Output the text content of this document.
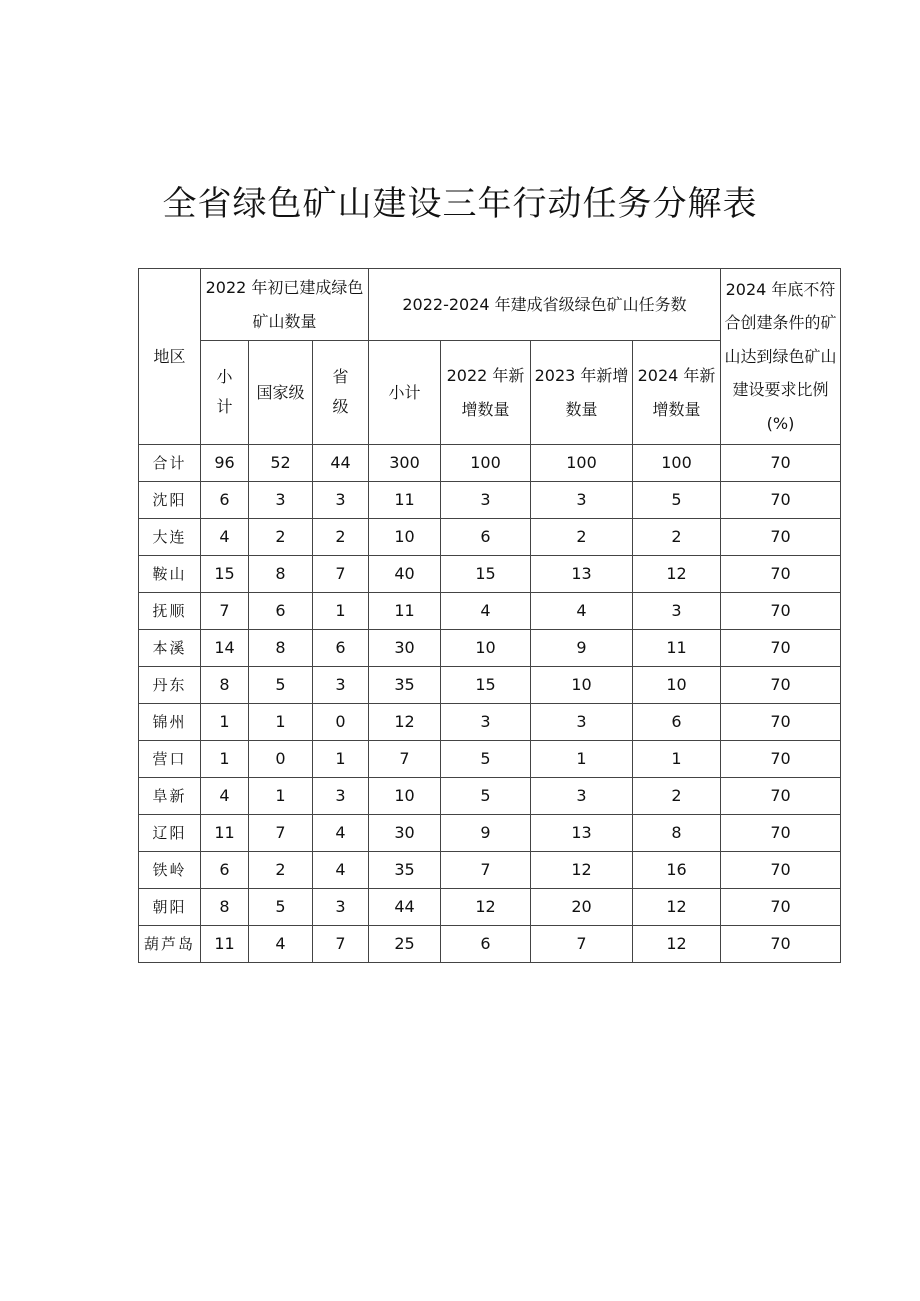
全省绿色矿山建设三年行动任务分解表
地区	2022 年初已建成绿色矿山数量			2022-2024 年建成省级绿色矿山任务数				2024 年底不符合创建条件的矿山达到绿色矿山建设要求比例(%)
	小计	国家级	省级	小计	2022 年新增数量	2023 年新增数量	2024 年新增数量	
合计	96	52	44	300	100	100	100	70
沈阳	6	3	3	11	3	3	5	70
大连	4	2	2	10	6	2	2	70
鞍山	15	8	7	40	15	13	12	70
抚顺	7	6	1	11	4	4	3	70
本溪	14	8	6	30	10	9	11	70
丹东	8	5	3	35	15	10	10	70
锦州	1	1	0	12	3	3	6	70
营口	1	0	1	7	5	1	1	70
阜新	4	1	3	10	5	3	2	70
辽阳	11	7	4	30	9	13	8	70
铁岭	6	2	4	35	7	12	16	70
朝阳	8	5	3	44	12	20	12	70
葫芦岛	11	4	7	25	6	7	12	70
